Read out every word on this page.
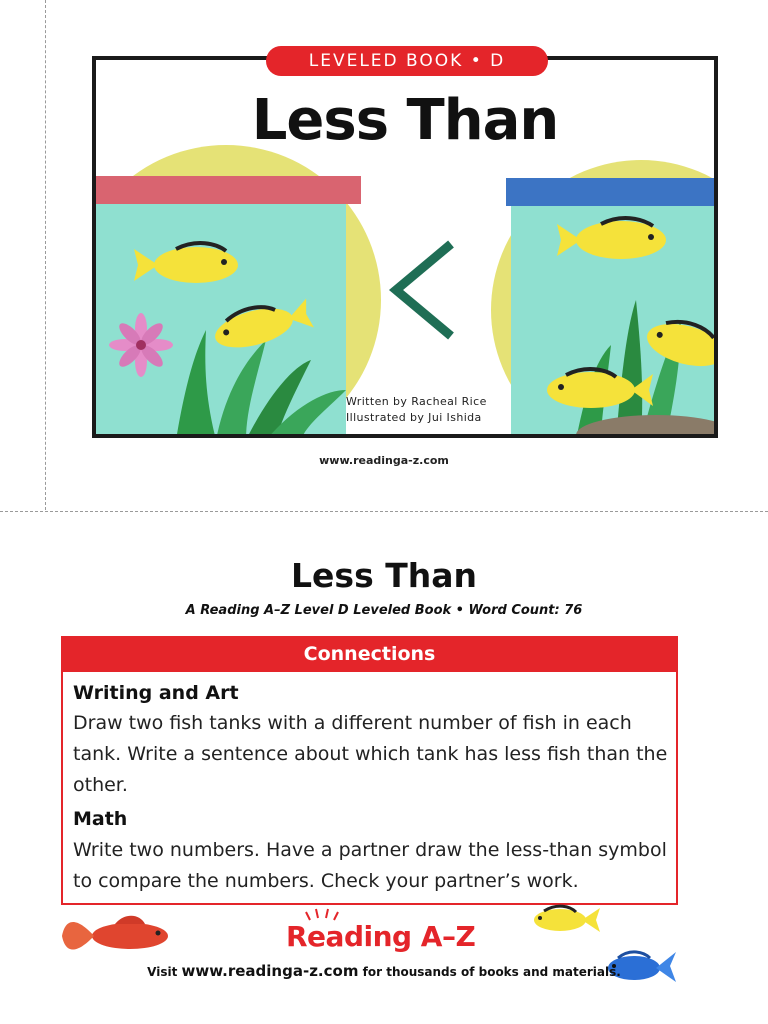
LEVELED BOOK • D
Less Than
Written by Racheal Rice
Illustrated by Jui Ishida
www.readinga-z.com
Less Than
A Reading A–Z Level D Leveled Book • Word Count: 76
Connections
Writing and Art
Draw two fish tanks with a different number of fish in each tank. Write a sentence about which tank has less fish than the other.
Math
Write two numbers. Have a partner draw the less-than symbol to compare the numbers. Check your partner’s work.
Reading A–Z
Visit www.readinga-z.com for thousands of books and materials.
